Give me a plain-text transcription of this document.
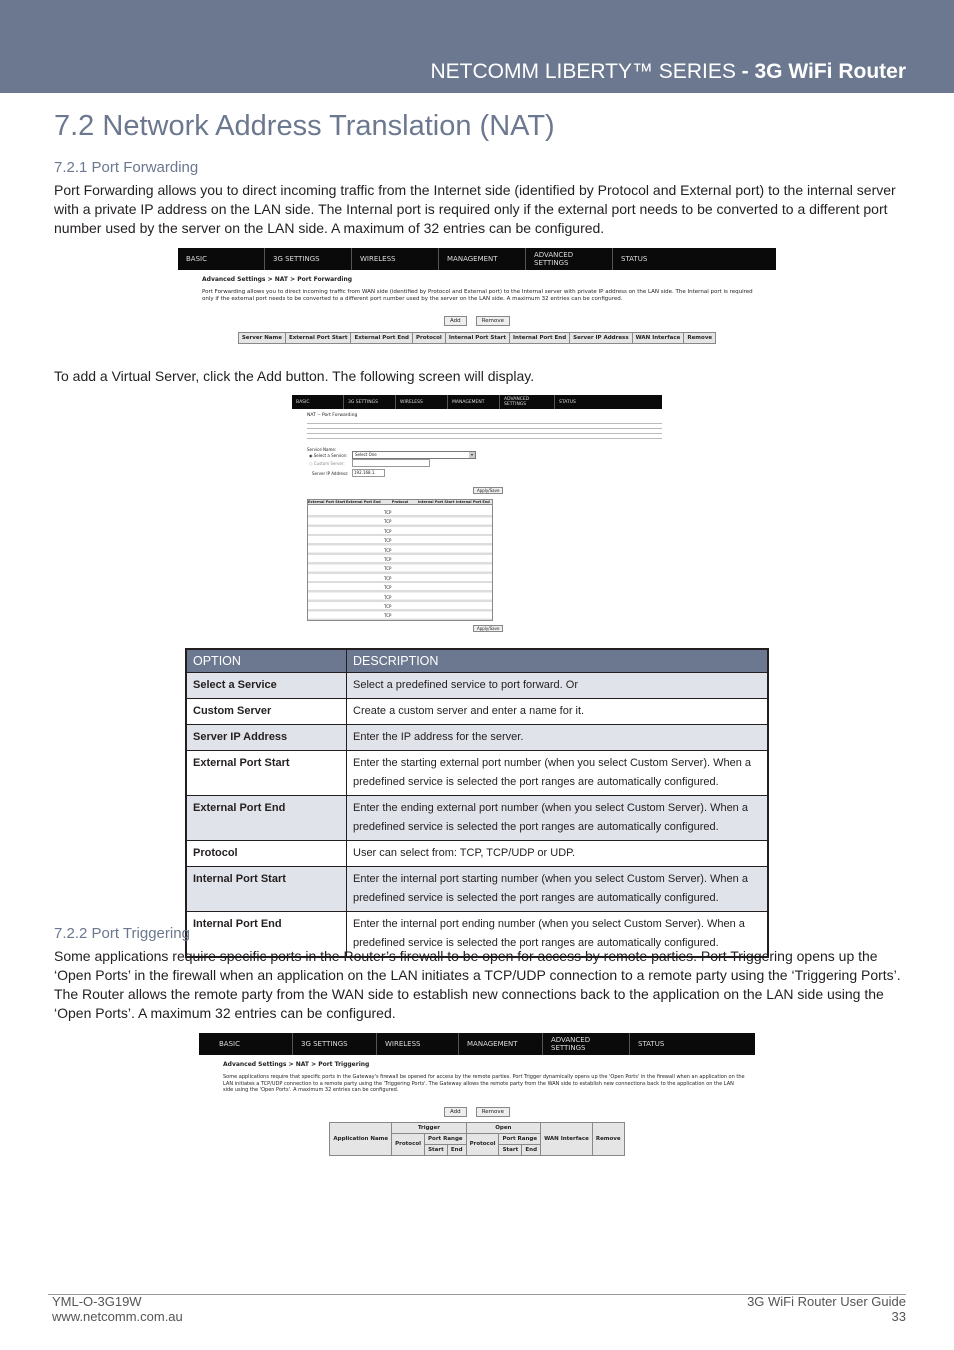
NETCOMM LIBERTY™ SERIES - 3G WiFi Router
7.2 Network Address Translation (NAT)
7.2.1 Port Forwarding

Port Forwarding allows you to direct incoming traffic from the Internet side (identified by Protocol and External port) to the internal server with a private IP address on the LAN side. The Internal port is required only if the external port needs to be converted to a different port number used by the server on the LAN side. A maximum of 32 entries can be configured.

BASIC	3G SETTINGS	WIRELESS	MANAGEMENT	ADVANCED SETTINGS	STATUS
Advanced Settings > NAT > Port Forwarding
Port Forwarding allows you to direct incoming traffic from WAN side (identified by Protocol and External port) to the Internal server with private IP address on the LAN side. The Internal port is required only if the external port needs to be converted to a different port number used by the server on the LAN side. A maximum 32 entries can be configured.
Add	Remove
Server Name	External Port Start	External Port End	Protocol	Internal Port Start	Internal Port End	Server IP Address	WAN Interface	Remove

To add a Virtual Server, click the Add button. The following screen will display.

BASIC	3G SETTINGS	WIRELESS	MANAGEMENT	ADVANCED SETTINGS	STATUS
NAT -- Port Forwarding
Service Name:
◉ Select a Service:	Select One	▾
○ Custom Server:
Server IP Address:	192.168.1.
Apply/Save
External Port Start External Port End	Protocol	Internal Port Start Internal Port End
TCP
TCP
TCP
TCP
TCP
TCP
TCP
TCP
TCP
TCP
TCP
TCP
Apply/Save
OPTION	DESCRIPTION
Select a Service	Select a predefined service to port forward. Or
Custom Server	Create a custom server and enter a name for it.
Server IP Address	Enter the IP address for the server.
External Port Start	Enter the starting external port number (when you select Custom Server). When a predefined service is selected the port ranges are automatically configured.
External Port End	Enter the ending external port number (when you select Custom Server). When a predefined service is selected the port ranges are automatically configured.
Protocol	User can select from: TCP, TCP/UDP or UDP.
Internal Port Start	Enter the internal port starting number (when you select Custom Server). When a predefined service is selected the port ranges are automatically configured.
Internal Port End	Enter the internal port ending number (when you select Custom Server). When a predefined service is selected the port ranges are automatically configured.
7.2.2 Port Triggering

Some applications require specific ports in the Router’s firewall to be open for access by remote parties. Port Triggering opens up the ‘Open Ports’ in the firewall when an application on the LAN initiates a TCP/UDP connection to a remote party using the ‘Triggering Ports’. The Router allows the remote party from the WAN side to establish new connections back to the application on the LAN side using the ‘Open Ports’. A maximum 32 entries can be configured.

BASIC	3G SETTINGS	WIRELESS	MANAGEMENT	ADVANCED SETTINGS	STATUS
Advanced Settings > NAT > Port Triggering
Some applications require that specific ports in the Gateway's firewall be opened for access by the remote parties. Port Trigger dynamically opens up the 'Open Ports' in the firewall when an application on the LAN initiates a TCP/UDP connection to a remote party using the 'Triggering Ports'. The Gateway allows the remote party from the WAN side to establish new connections back to the application on the LAN side using the 'Open Ports'. A maximum 32 entries can be configured.
Add	Remove
Application Name	Trigger			Open			WAN Interface	Remove
	Protocol	Port Range		Protocol	Port Range			
		Start	End		Start	End		
YML-O-3G19W
www.netcomm.com.au
3G WiFi Router User Guide
33
